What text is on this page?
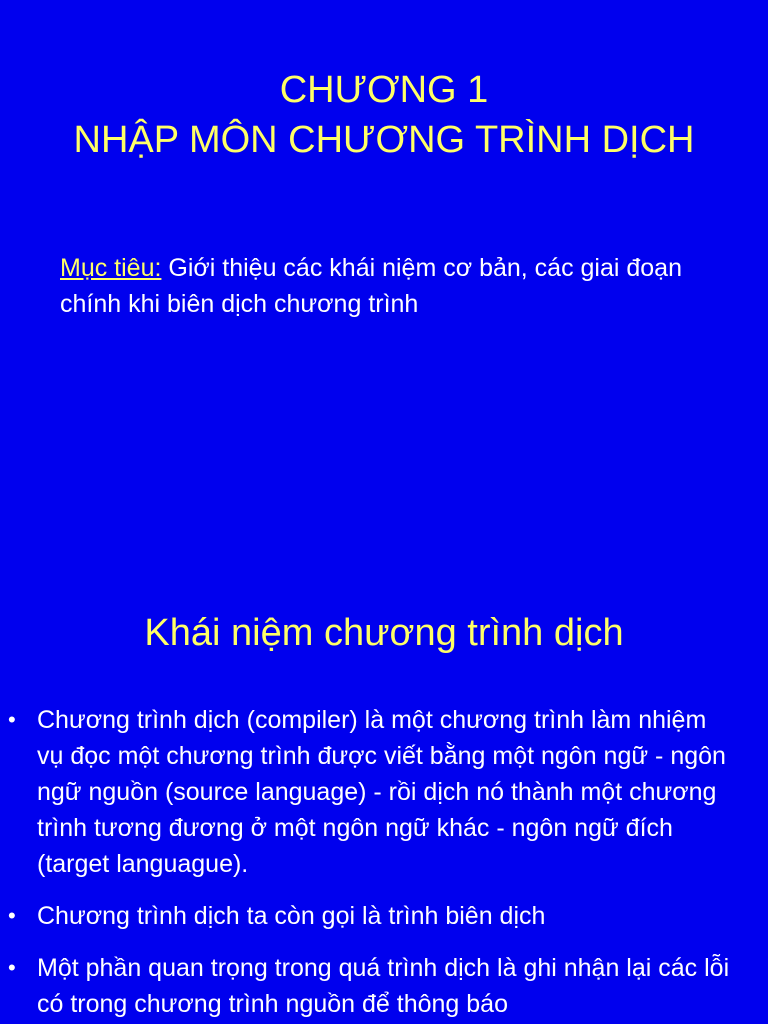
CHƯƠNG 1
NHẬP MÔN CHƯƠNG TRÌNH DỊCH
Mục tiêu: Giới thiệu các khái niệm cơ bản, các giai đoạn chính khi biên dịch chương trình
Khái niệm chương trình dịch
• Chương trình dịch (compiler) là một chương trình làm nhiệm vụ đọc một chương trình được viết bằng một ngôn ngữ - ngôn ngữ nguồn (source language) - rồi dịch nó thành một chương trình tương đương ở một ngôn ngữ khác - ngôn ngữ đích (target languague).
• Chương trình dịch ta còn gọi là trình biên dịch
• Một phần quan trọng trong quá trình dịch là ghi nhận lại các lỗi có trong chương trình nguồn để thông báo
